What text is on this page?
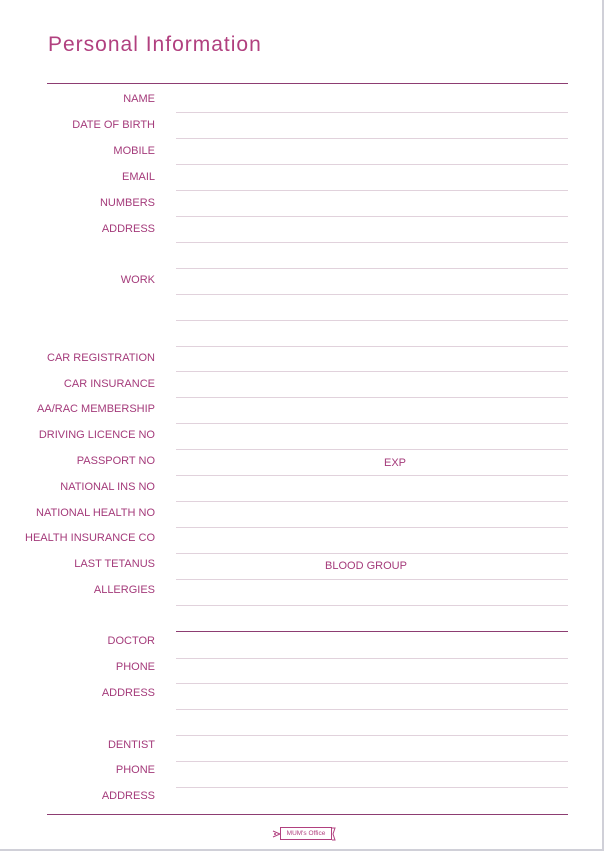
Personal Information
NAME
DATE OF BIRTH
MOBILE
EMAIL
NUMBERS
ADDRESS
WORK
CAR REGISTRATION
CAR INSURANCE
AA/RAC MEMBERSHIP
DRIVING LICENCE NO
PASSPORT NO	EXP
NATIONAL INS NO
NATIONAL HEALTH NO
HEALTH INSURANCE CO
LAST TETANUS	BLOOD GROUP
ALLERGIES
DOCTOR
PHONE
ADDRESS
DENTIST
PHONE
ADDRESS
MUM's Office
